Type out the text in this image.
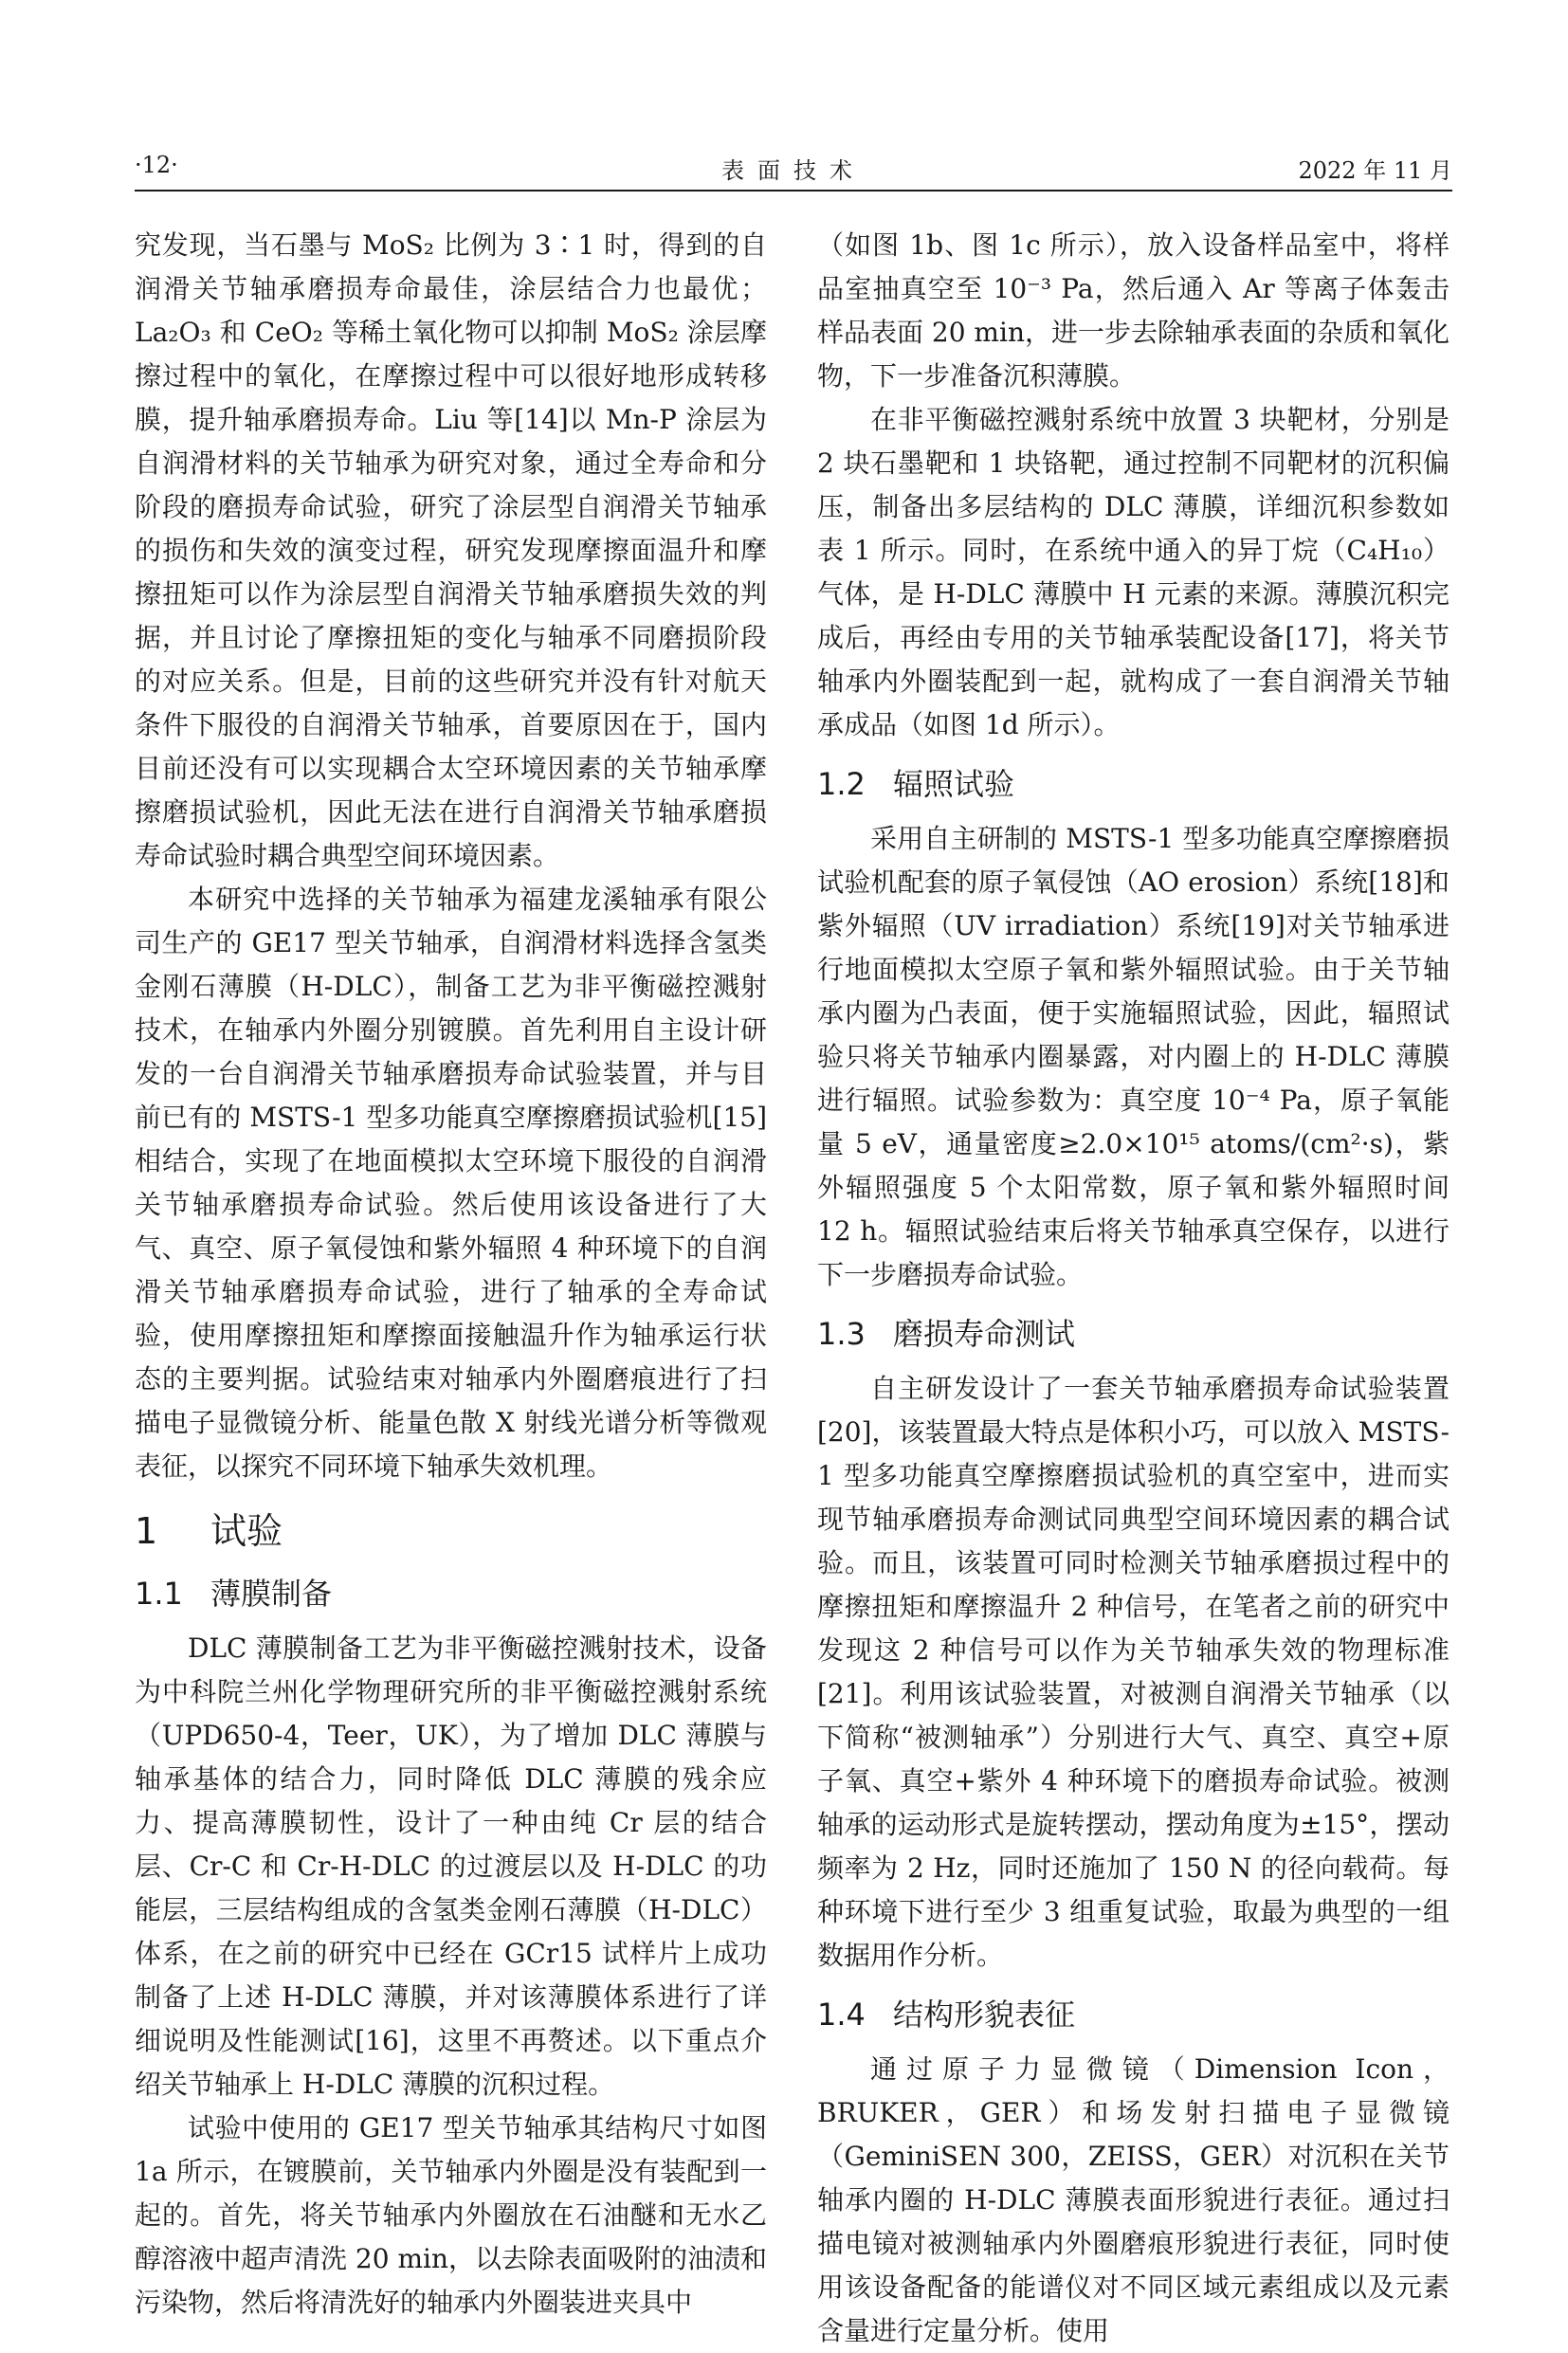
·12·	表面技术	2022 年 11 月

究发现，当石墨与 MoS₂ 比例为 3∶1 时，得到的自润滑关节轴承磨损寿命最佳，涂层结合力也最优；La₂O₃ 和 CeO₂ 等稀土氧化物可以抑制 MoS₂ 涂层摩擦过程中的氧化，在摩擦过程中可以很好地形成转移膜，提升轴承磨损寿命。Liu 等[14]以 Mn-P 涂层为自润滑材料的关节轴承为研究对象，通过全寿命和分阶段的磨损寿命试验，研究了涂层型自润滑关节轴承的损伤和失效的演变过程，研究发现摩擦面温升和摩擦扭矩可以作为涂层型自润滑关节轴承磨损失效的判据，并且讨论了摩擦扭矩的变化与轴承不同磨损阶段的对应关系。但是，目前的这些研究并没有针对航天条件下服役的自润滑关节轴承，首要原因在于，国内目前还没有可以实现耦合太空环境因素的关节轴承摩擦磨损试验机，因此无法在进行自润滑关节轴承磨损寿命试验时耦合典型空间环境因素。

本研究中选择的关节轴承为福建龙溪轴承有限公司生产的 GE17 型关节轴承，自润滑材料选择含氢类金刚石薄膜（H-DLC），制备工艺为非平衡磁控溅射技术，在轴承内外圈分别镀膜。首先利用自主设计研发的一台自润滑关节轴承磨损寿命试验装置，并与目前已有的 MSTS-1 型多功能真空摩擦磨损试验机[15]相结合，实现了在地面模拟太空环境下服役的自润滑关节轴承磨损寿命试验。然后使用该设备进行了大气、真空、原子氧侵蚀和紫外辐照 4 种环境下的自润滑关节轴承磨损寿命试验，进行了轴承的全寿命试验，使用摩擦扭矩和摩擦面接触温升作为轴承运行状态的主要判据。试验结束对轴承内外圈磨痕进行了扫描电子显微镜分析、能量色散 X 射线光谱分析等微观表征，以探究不同环境下轴承失效机理。

1 试验
1.1 薄膜制备

DLC 薄膜制备工艺为非平衡磁控溅射技术，设备为中科院兰州化学物理研究所的非平衡磁控溅射系统（UPD650-4，Teer，UK），为了增加 DLC 薄膜与轴承基体的结合力，同时降低 DLC 薄膜的残余应力、提高薄膜韧性，设计了一种由纯 Cr 层的结合层、Cr-C 和 Cr-H-DLC 的过渡层以及 H-DLC 的功能层，三层结构组成的含氢类金刚石薄膜（H-DLC）体系，在之前的研究中已经在 GCr15 试样片上成功制备了上述 H-DLC 薄膜，并对该薄膜体系进行了详细说明及性能测试[16]，这里不再赘述。以下重点介绍关节轴承上 H-DLC 薄膜的沉积过程。

试验中使用的 GE17 型关节轴承其结构尺寸如图 1a 所示，在镀膜前，关节轴承内外圈是没有装配到一起的。首先，将关节轴承内外圈放在石油醚和无水乙醇溶液中超声清洗 20 min，以去除表面吸附的油渍和污染物，然后将清洗好的轴承内外圈装进夹具中

（如图 1b、图 1c 所示），放入设备样品室中，将样品室抽真空至 10⁻³ Pa，然后通入 Ar 等离子体轰击样品表面 20 min，进一步去除轴承表面的杂质和氧化物，下一步准备沉积薄膜。

在非平衡磁控溅射系统中放置 3 块靶材，分别是 2 块石墨靶和 1 块铬靶，通过控制不同靶材的沉积偏压，制备出多层结构的 DLC 薄膜，详细沉积参数如表 1 所示。同时，在系统中通入的异丁烷（C₄H₁₀）气体，是 H-DLC 薄膜中 H 元素的来源。薄膜沉积完成后，再经由专用的关节轴承装配设备[17]，将关节轴承内外圈装配到一起，就构成了一套自润滑关节轴承成品（如图 1d 所示）。

1.2 辐照试验

采用自主研制的 MSTS-1 型多功能真空摩擦磨损试验机配套的原子氧侵蚀（AO erosion）系统[18]和紫外辐照（UV irradiation）系统[19]对关节轴承进行地面模拟太空原子氧和紫外辐照试验。由于关节轴承内圈为凸表面，便于实施辐照试验，因此，辐照试验只将关节轴承内圈暴露，对内圈上的 H-DLC 薄膜进行辐照。试验参数为：真空度 10⁻⁴ Pa，原子氧能量 5 eV，通量密度≥2.0×10¹⁵ atoms/(cm²·s)，紫外辐照强度 5 个太阳常数，原子氧和紫外辐照时间 12 h。辐照试验结束后将关节轴承真空保存，以进行下一步磨损寿命试验。

1.3 磨损寿命测试

自主研发设计了一套关节轴承磨损寿命试验装置[20]，该装置最大特点是体积小巧，可以放入 MSTS-1 型多功能真空摩擦磨损试验机的真空室中，进而实现节轴承磨损寿命测试同典型空间环境因素的耦合试验。而且，该装置可同时检测关节轴承磨损过程中的摩擦扭矩和摩擦温升 2 种信号，在笔者之前的研究中发现这 2 种信号可以作为关节轴承失效的物理标准[21]。利用该试验装置，对被测自润滑关节轴承（以下简称“被测轴承”）分别进行大气、真空、真空+原子氧、真空+紫外 4 种环境下的磨损寿命试验。被测轴承的运动形式是旋转摆动，摆动角度为±15°，摆动频率为 2 Hz，同时还施加了 150 N 的径向载荷。每种环境下进行至少 3 组重复试验，取最为典型的一组数据用作分析。

1.4 结构形貌表征

通过原子力显微镜（Dimension Icon，BRUKER，GER）和场发射扫描电子显微镜（GeminiSEN 300，ZEISS，GER）对沉积在关节轴承内圈的 H-DLC 薄膜表面形貌进行表征。通过扫描电镜对被测轴承内外圈磨痕形貌进行表征，同时使用该设备配备的能谱仪对不同区域元素组成以及元素含量进行定量分析。使用
